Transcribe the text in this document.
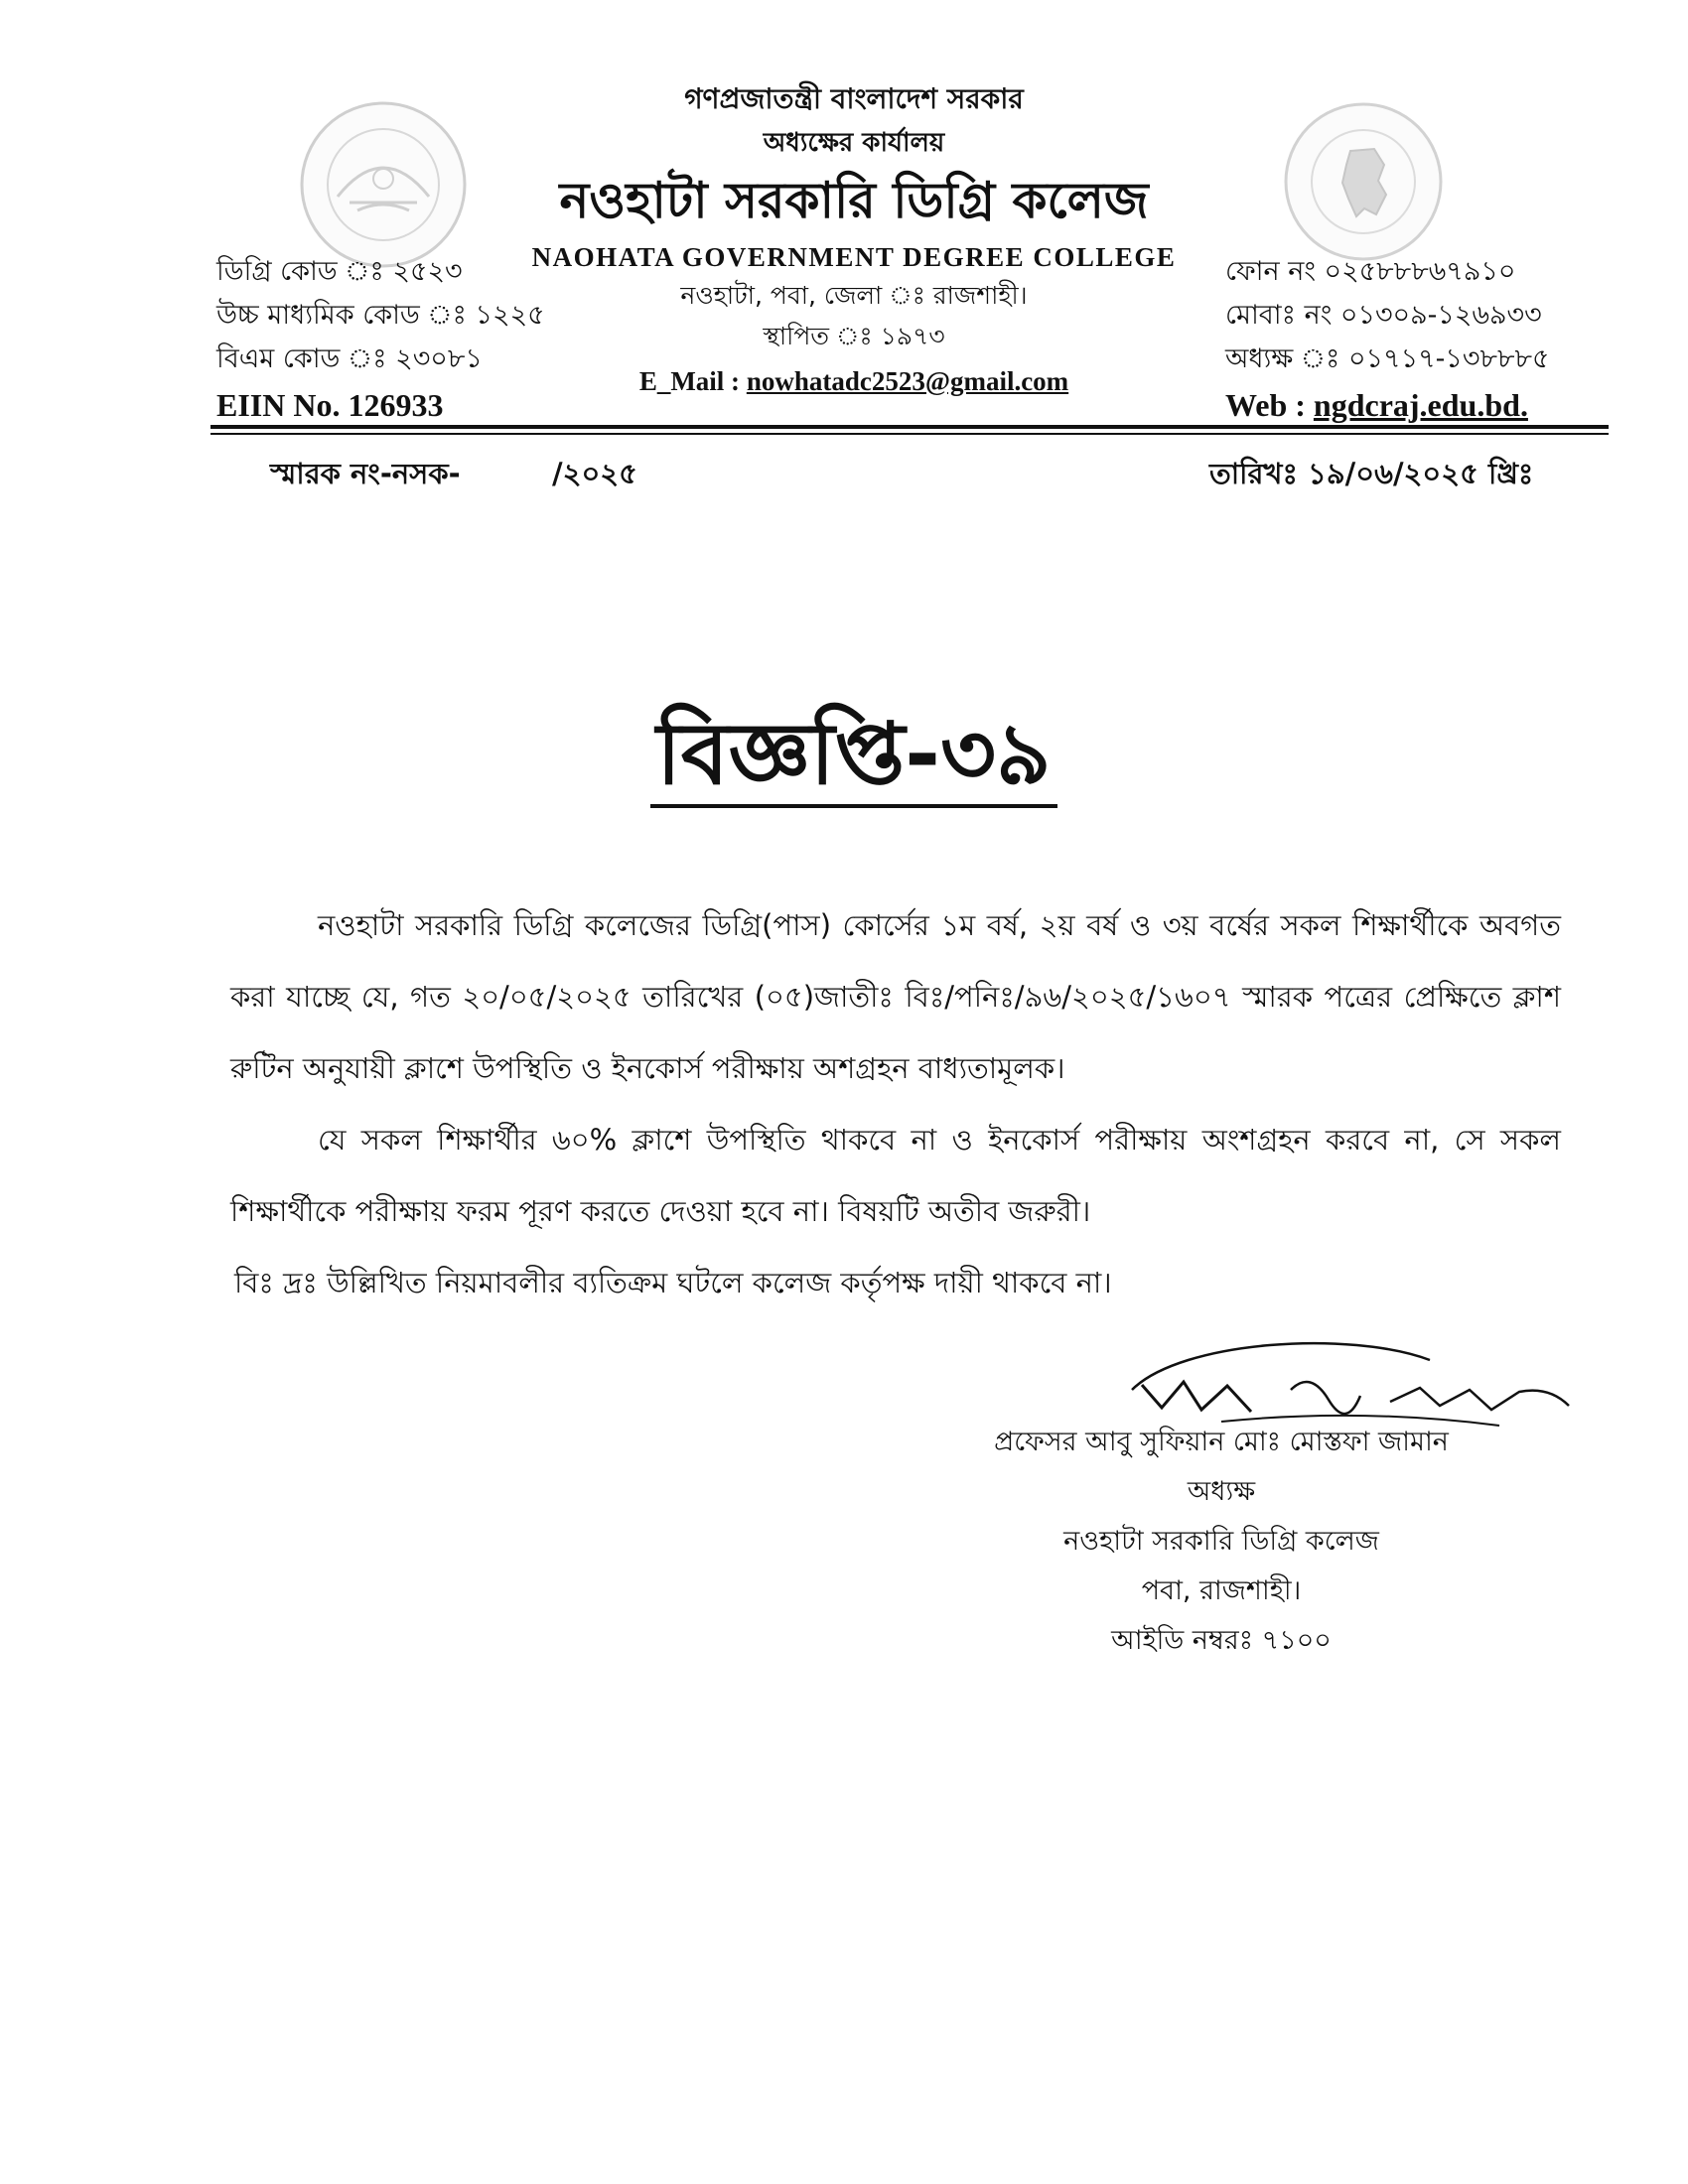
গণপ্রজাতন্ত্রী বাংলাদেশ সরকার
অধ্যক্ষের কার্যালয়
নওহাটা সরকারি ডিগ্রি কলেজ
NAOHATA GOVERNMENT DEGREE COLLEGE
নওহাটা, পবা, জেলা ঃ রাজশাহী।
স্থাপিত ঃ ১৯৭৩
E_Mail : nowhatadc2523@gmail.com
ডিগ্রি কোড ঃ ২৫২৩
উচ্চ মাধ্যমিক কোড ঃ ১২২৫
বিএম কোড ঃ ২৩০৮১
EIIN No. 126933
ফোন নং ০২৫৮৮৮৬৭৯১০
মোবাঃ নং ০১৩০৯-১২৬৯৩৩
অধ্যক্ষ ঃ ০১৭১৭-১৩৮৮৮৫
Web : ngdcraj.edu.bd.
স্মারক নং-নসক-	/২০২৫	তারিখঃ ১৯/০৬/২০২৫ খ্রিঃ
বিজ্ঞপ্তি-৩৯

নওহাটা সরকারি ডিগ্রি কলেজের ডিগ্রি(পাস) কোর্সের ১ম বর্ষ, ২য় বর্ষ ও ৩য় বর্ষের সকল শিক্ষার্থীকে অবগত করা যাচ্ছে যে, গত ২০/০৫/২০২৫ তারিখের (০৫)জাতীঃ বিঃ/পনিঃ/৯৬/২০২৫/১৬০৭ স্মারক পত্রের প্রেক্ষিতে ক্লাশ রুটিন অনুযায়ী ক্লাশে উপস্থিতি ও ইনকোর্স পরীক্ষায় অশগ্রহন বাধ্যতামূলক।

যে সকল শিক্ষার্থীর ৬০% ক্লাশে উপস্থিতি থাকবে না ও ইনকোর্স পরীক্ষায় অংশগ্রহন করবে না, সে সকল শিক্ষার্থীকে পরীক্ষায় ফরম পূরণ করতে দেওয়া হবে না। বিষয়টি অতীব জরুরী।

বিঃ দ্রঃ উল্লিখিত নিয়মাবলীর ব্যতিক্রম ঘটলে কলেজ কর্তৃপক্ষ দায়ী থাকবে না।

প্রফেসর আবু সুফিয়ান মোঃ মোস্তফা জামান
অধ্যক্ষ
নওহাটা সরকারি ডিগ্রি কলেজ
পবা, রাজশাহী।
আইডি নম্বরঃ ৭১০০
